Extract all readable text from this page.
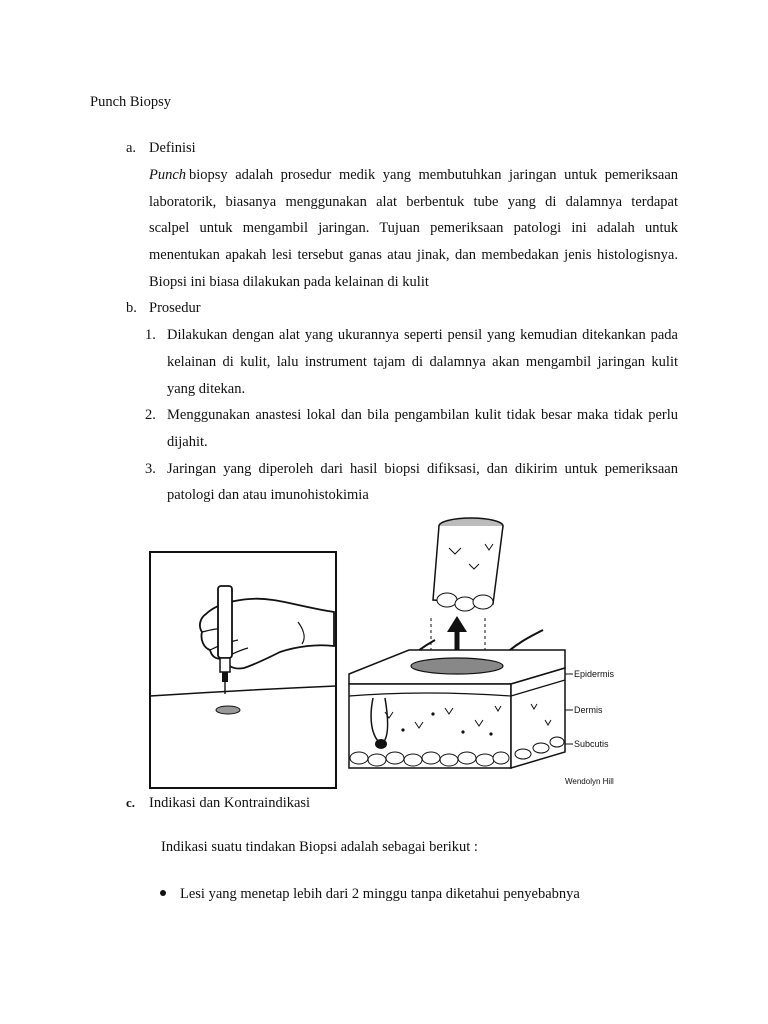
Punch Biopsy
a. Definisi
biopsy adalah prosedur medik yang membutuhkan jaringan untuk pemeriksaan
Punch
laboratorik, biasanya menggunakan alat berbentuk tube yang di dalamnya terdapat
scalpel untuk mengambil jaringan. Tujuan pemeriksaan patologi ini adalah untuk
menentukan apakah lesi tersebut ganas atau jinak, dan membedakan jenis histologisnya.
Biopsi ini biasa dilakukan pada kelainan di kulit
b. Prosedur
1. Dilakukan dengan alat yang ukurannya seperti pensil yang kemudian ditekankan pada
kelainan di kulit, lalu instrument tajam di dalamnya akan mengambil jaringan kulit
yang ditekan.
2. Menggunakan anastesi lokal dan bila pengambilan kulit tidak besar maka tidak perlu
dijahit.
3. Jaringan yang diperoleh dari hasil biopsi difiksasi, dan dikirim untuk pemeriksaan
patologi dan atau imunohistokimia
Epidermis
Dermis
Subcutis
Wendolyn Hill
c. Indikasi dan Kontraindikasi
Indikasi suatu tindakan Biopsi adalah sebagai berikut :
Lesi yang menetap lebih dari 2 minggu tanpa diketahui penyebabnya
